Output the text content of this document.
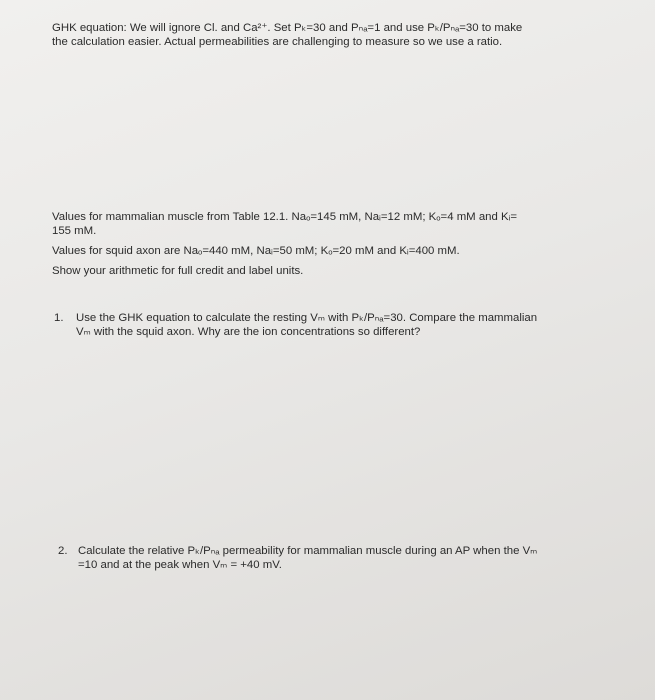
GHK equation: We will ignore Cl. and Ca²⁺. Set Pₖ=30 and Pₙₐ=1 and use Pₖ/Pₙₐ=30 to make

the calculation easier. Actual permeabilities are challenging to measure so we use a ratio.

Values for mammalian muscle from Table 12.1. Naₒ=145 mM, Naᵢ=12 mM; Kₒ=4 mM and Kᵢ=

155 mM.

Values for squid axon are Naₒ=440 mM, Naᵢ=50 mM; Kₒ=20 mM and Kᵢ=400 mM.

Show your arithmetic for full credit and label units.

1. Use the GHK equation to calculate the resting Vₘ with Pₖ/Pₙₐ=30. Compare the mammalian

Vₘ with the squid axon. Why are the ion concentrations so different?

2. Calculate the relative Pₖ/Pₙₐ permeability for mammalian muscle during an AP when the Vₘ

=10 and at the peak when Vₘ = +40 mV.
